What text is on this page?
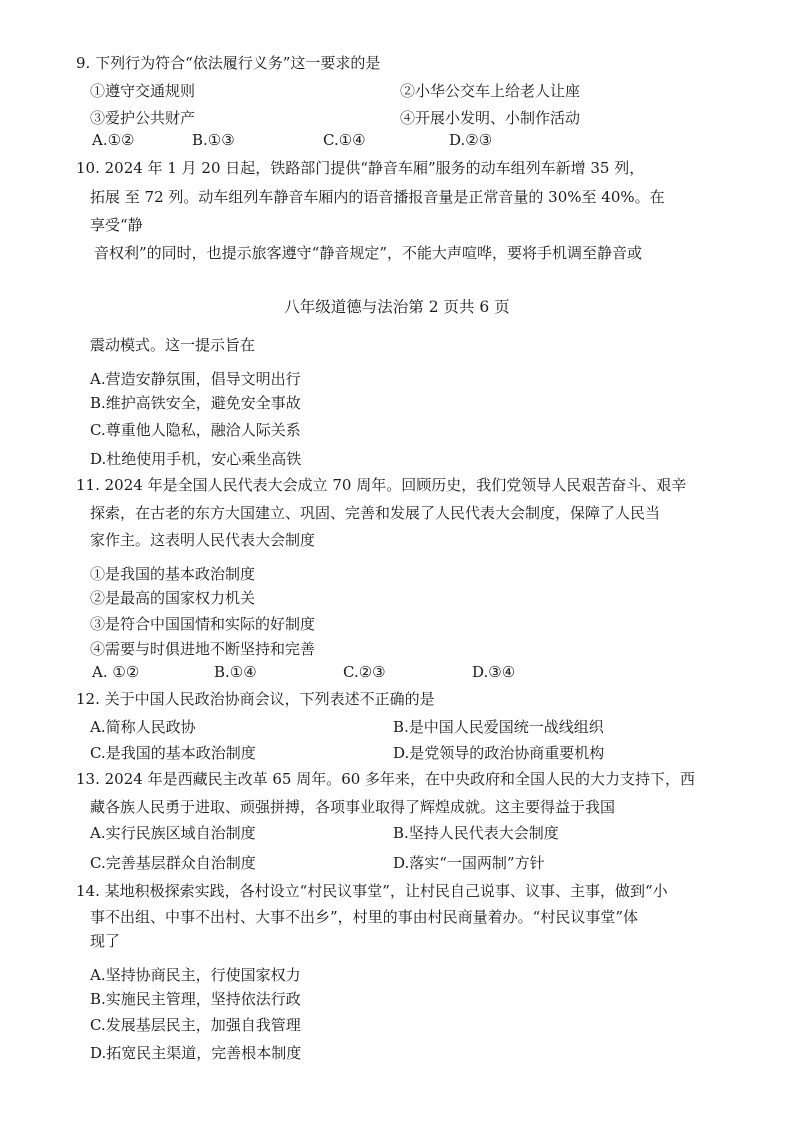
9. 下列行为符合“依法履行义务”这一要求的是
①遵守交通规则	②小华公交车上给老人让座
③爱护公共财产	④开展小发明、小制作活动
A.①②	B.①③	C.①④	D.②③
10. 2024 年 1 月 20 日起，铁路部门提供“静音车厢”服务的动车组列车新增 35 列，
拓展 至 72 列。动车组列车静音车厢内的语音播报音量是正常音量的 30%至 40%。在
享受“静
音权利”的同时，也提示旅客遵守“静音规定”，不能大声喧哗，要将手机调至静音或
八年级道德与法治第 2 页共 6 页
震动模式。这一提示旨在
A.营造安静氛围，倡导文明出行
B.维护高铁安全，避免安全事故
C.尊重他人隐私，融洽人际关系
D.杜绝使用手机，安心乘坐高铁
11. 2024 年是全国人民代表大会成立 70 周年。回顾历史，我们党领导人民艰苦奋斗、艰辛
探索，在古老的东方大国建立、巩固、完善和发展了人民代表大会制度，保障了人民当
家作主。这表明人民代表大会制度
①是我国的基本政治制度
②是最高的国家权力机关
③是符合中国国情和实际的好制度
④需要与时俱进地不断坚持和完善
A. ①②	B.①④	C.②③	D.③④
12. 关于中国人民政治协商会议，下列表述不正确的是
A.简称人民政协	B.是中国人民爱国统一战线组织
C.是我国的基本政治制度	D.是党领导的政治协商重要机构
13. 2024 年是西藏民主改革 65 周年。60 多年来，在中央政府和全国人民的大力支持下，西
藏各族人民勇于进取、顽强拼搏，各项事业取得了辉煌成就。这主要得益于我国
A.实行民族区域自治制度	B.坚持人民代表大会制度
C.完善基层群众自治制度	D.落实“一国两制”方针
14. 某地积极探索实践，各村设立“村民议事堂”，让村民自己说事、议事、主事，做到“小
事不出组、中事不出村、大事不出乡”，村里的事由村民商量着办。“村民议事堂”体
现了
A.坚持协商民主，行使国家权力
B.实施民主管理，坚持依法行政
C.发展基层民主，加强自我管理
D.拓宽民主渠道，完善根本制度
